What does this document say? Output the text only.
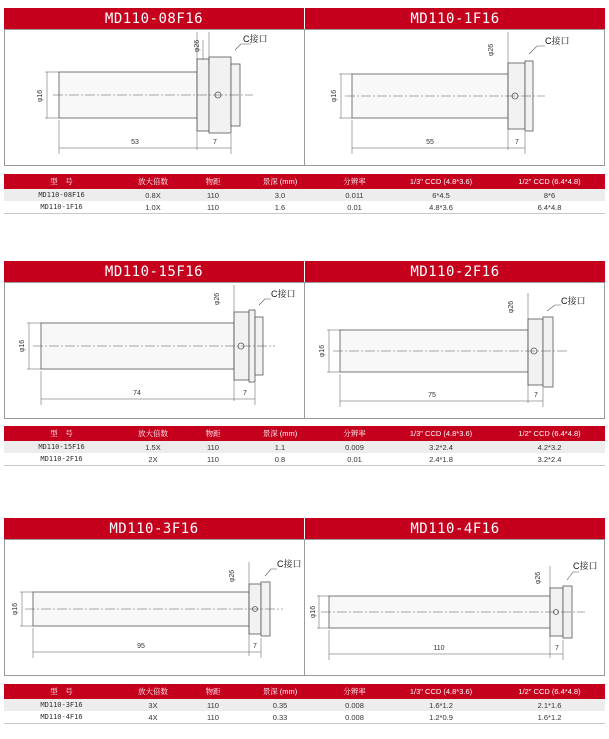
MD110-08F16	MD110-1F16
53	7
φ16
φ26
C接口
55	7
φ16
φ26
C接口
型　号	放大倍数	物距	景深 (mm)	分辨率	1/3" CCD (4.8*3.6)	1/2" CCD (6.4*4.8)
MD110-08F16	0.8X	110	3.0	0.011	6*4.5	8*6
MD110-1F16	1.0X	110	1.6	0.01	4.8*3.6	6.4*4.8
MD110-15F16	MD110-2F16
74	7
φ16
φ26	C接口
75	7
φ16
φ26	C接口
型　号	放大倍数	物距	景深 (mm)	分辨率	1/3" CCD (4.8*3.6)	1/2" CCD (6.4*4.8)
MD110-15F16	1.5X	110	1.1	0.009	3.2*2.4	4.2*3.2
MD110-2F16	2X	110	0.8	0.01	2.4*1.8	3.2*2.4
MD110-3F16	MD110-4F16
95	7
φ16
φ26
C接口
110	7
φ16
φ26
C接口
型　号	放大倍数	物距	景深 (mm)	分辨率	1/3" CCD (4.8*3.6)	1/2" CCD (6.4*4.8)
MD110-3F16	3X	110	0.35	0.008	1.6*1.2	2.1*1.6
MD110-4F16	4X	110	0.33	0.008	1.2*0.9	1.6*1.2
